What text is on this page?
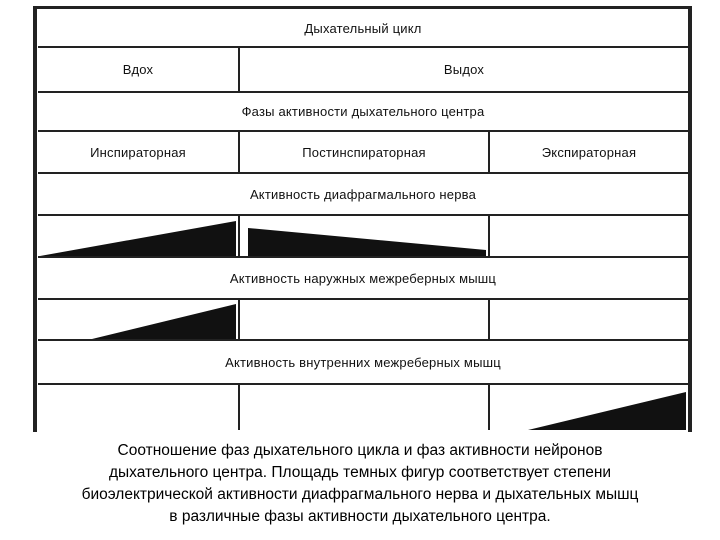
Дыхательный цикл
Вдох	Выдох
Фазы активности дыхательного центра
Инспираторная	Постинспираторная	Экспираторная
Активность диафрагмального нерва
Активность наружных межреберных мышц
Активность внутренних межреберных мышц
Соотношение фаз дыхательного цикла и фаз активности нейронов
дыхательного центра. Площадь темных фигур соответствует степени
биоэлектрической активности диафрагмального нерва и дыхательных мышц
в различные фазы активности дыхательного центра.
